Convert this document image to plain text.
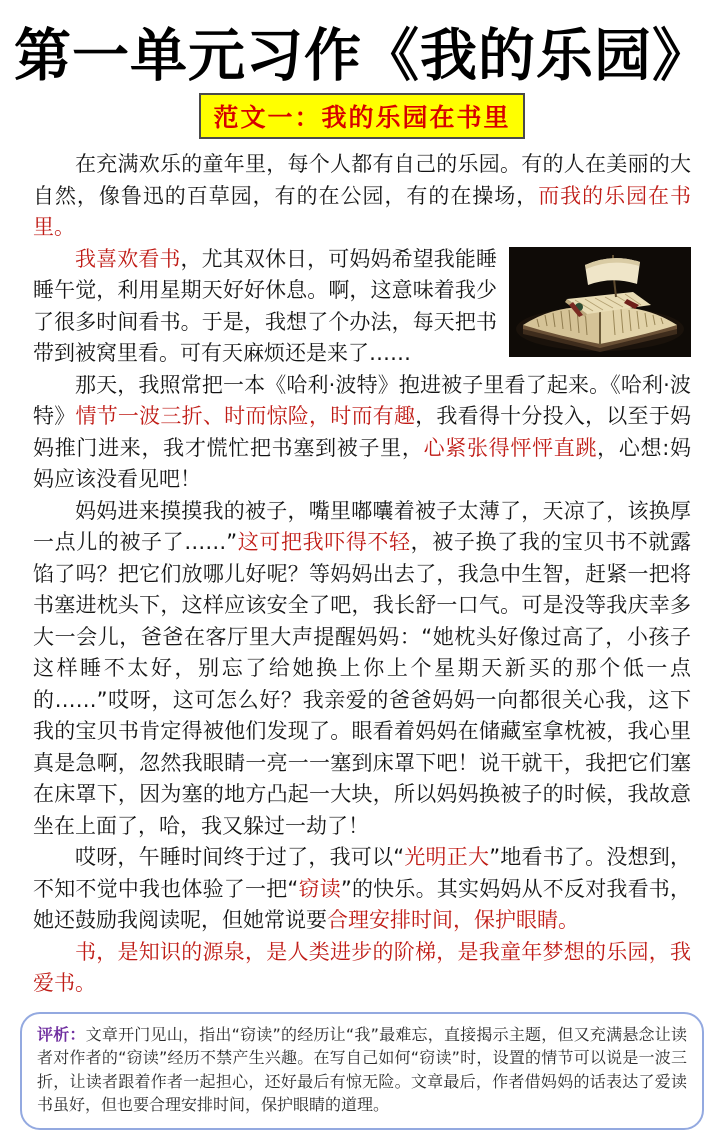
第一单元习作《我的乐园》
范文一：我的乐园在书里

在充满欢乐的童年里，每个人都有自己的乐园。有的人在美丽的大自然，像鲁迅的百草园，有的在公园，有的在操场，而我的乐园在书里。

我喜欢看书，尤其双休日，可妈妈希望我能睡睡午觉，利用星期天好好休息。啊，这意味着我少了很多时间看书。于是，我想了个办法，每天把书带到被窝里看。可有天麻烦还是来了……

那天，我照常把一本《哈利·波特》抱进被子里看了起来。《哈利·波特》情节一波三折、时而惊险，时而有趣，我看得十分投入，以至于妈妈推门进来，我才慌忙把书塞到被子里，心紧张得怦怦直跳，心想:妈妈应该没看见吧！

妈妈进来摸摸我的被子，嘴里嘟囔着被子太薄了，天凉了，该换厚一点儿的被子了……”这可把我吓得不轻，被子换了我的宝贝书不就露馅了吗？把它们放哪儿好呢？等妈妈出去了，我急中生智，赶紧一把将书塞进枕头下，这样应该安全了吧，我长舒一口气。可是没等我庆幸多大一会儿，爸爸在客厅里大声提醒妈妈：“她枕头好像过高了，小孩子这样睡不太好，别忘了给她换上你上个星期天新买的那个低一点的……”哎呀，这可怎么好？我亲爱的爸爸妈妈一向都很关心我，这下我的宝贝书肯定得被他们发现了。眼看着妈妈在储藏室拿枕被，我心里真是急啊，忽然我眼睛一亮一一塞到床罩下吧！说干就干，我把它们塞在床罩下，因为塞的地方凸起一大块，所以妈妈换被子的时候，我故意坐在上面了，哈，我又躲过一劫了！

哎呀，午睡时间终于过了，我可以“光明正大”地看书了。没想到，不知不觉中我也体验了一把“窃读”的快乐。其实妈妈从不反对我看书，她还鼓励我阅读呢，但她常说要合理安排时间，保护眼睛。

书，是知识的源泉，是人类进步的阶梯，是我童年梦想的乐园，我爱书。

评析：文章开门见山，指出“窃读”的经历让“我”最难忘，直接揭示主题，但又充满悬念让读者对作者的“窃读”经历不禁产生兴趣。在写自己如何“窃读”时，设置的情节可以说是一波三折，让读者跟着作者一起担心，还好最后有惊无险。文章最后，作者借妈妈的话表达了爱读书虽好，但也要合理安排时间，保护眼睛的道理。
